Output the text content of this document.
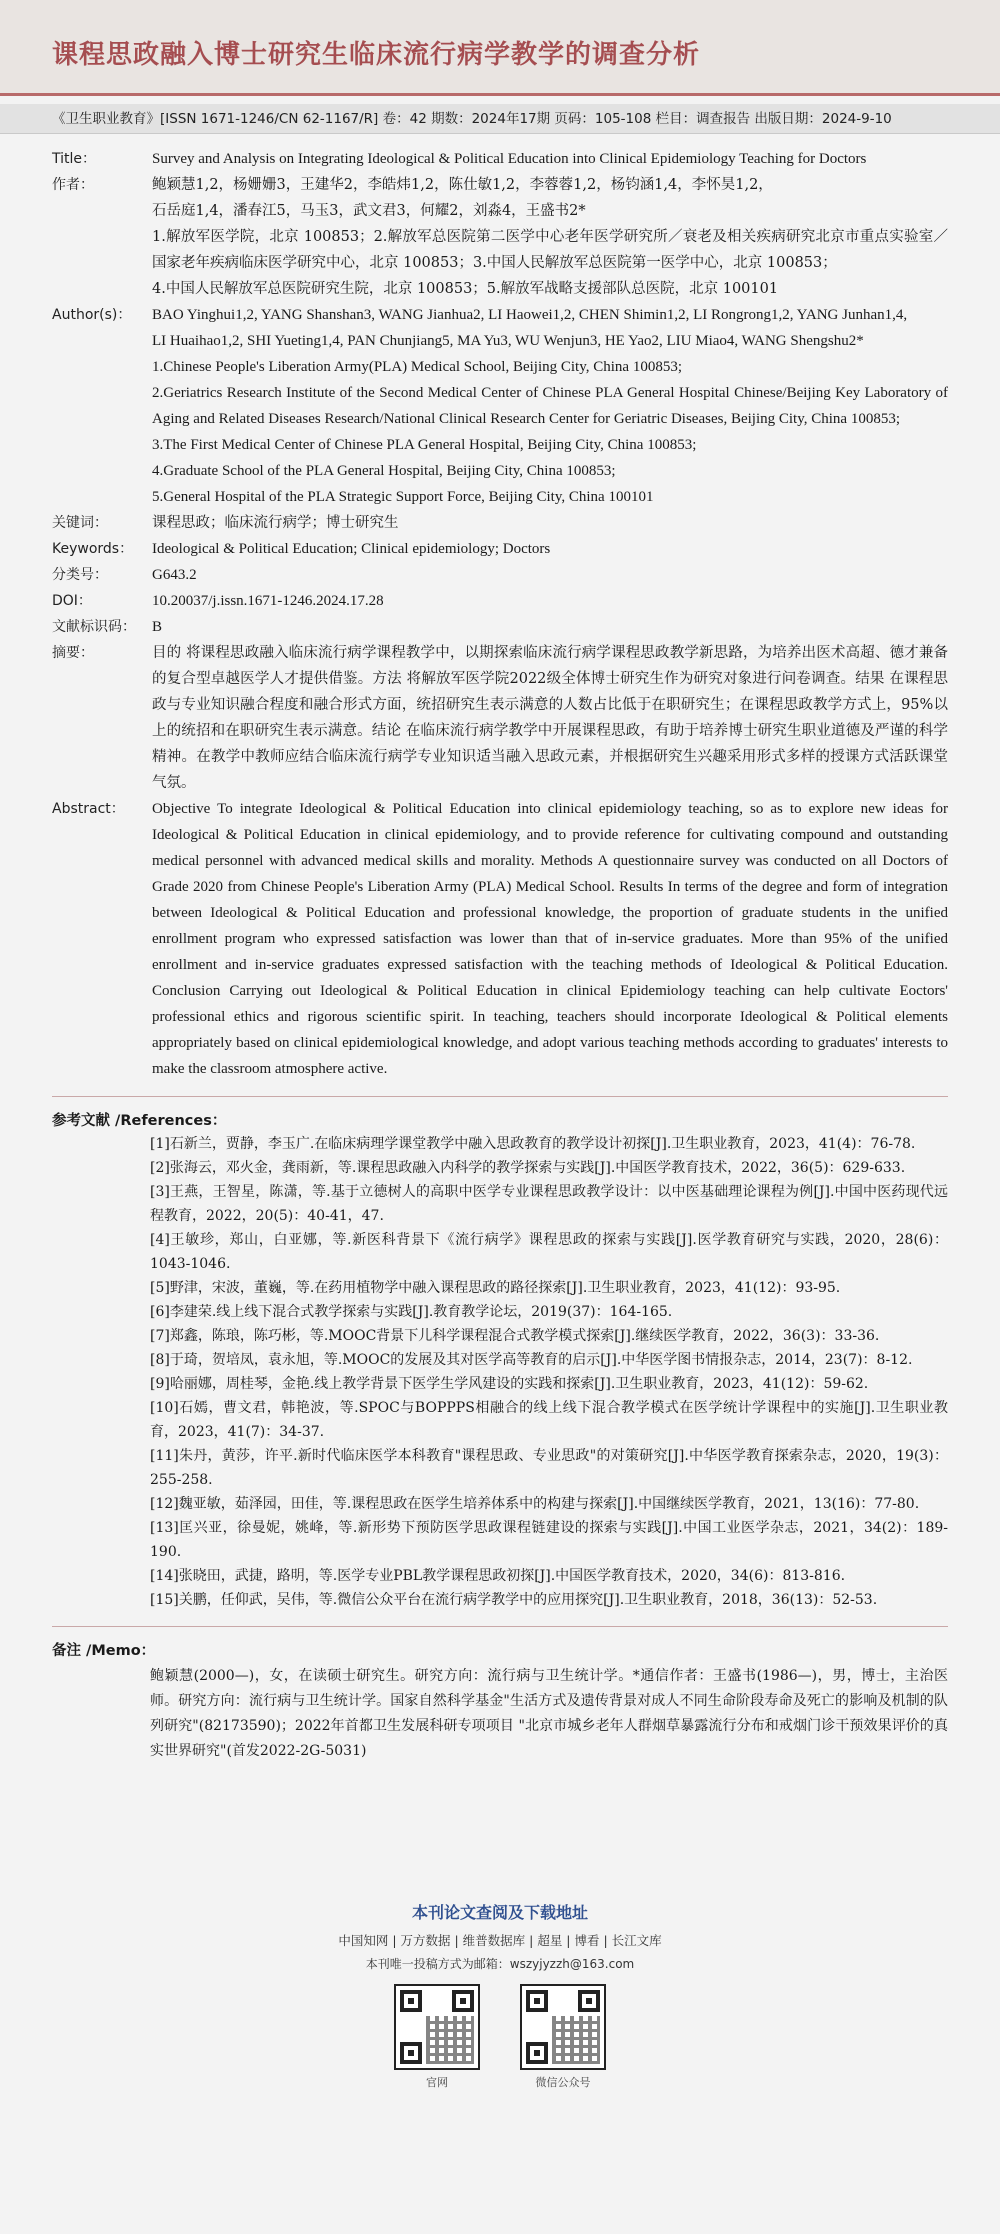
课程思政融入博士研究生临床流行病学教学的调查分析
《卫生职业教育》[ISSN 1671-1246/CN 62-1167/R] 卷：42 期数：2024年17期 页码：105-108 栏目：调查报告 出版日期：2024-9-10
Title：	Survey and Analysis on Integrating Ideological & Political Education into Clinical Epidemiology Teaching for Doctors
作者：	鲍颖慧1,2，杨姗姗3，王建华2，李皓炜1,2，陈仕敏1,2，李蓉蓉1,2，杨钧涵1,4，李怀昊1,2，

石岳庭1,4，潘春江5，马玉3，武文君3，何耀2，刘淼4，王盛书2*

1.解放军医学院，北京 100853；2.解放军总医院第二医学中心老年医学研究所／衰老及相关疾病研究北京市重点实验室／国家老年疾病临床医学研究中心，北京 100853；3.中国人民解放军总医院第一医学中心，北京 100853；

4.中国人民解放军总医院研究生院，北京 100853；5.解放军战略支援部队总医院，北京 100101

Author(s)：	BAO Yinghui1,2, YANG Shanshan3, WANG Jianhua2, LI Haowei1,2, CHEN Shimin1,2, LI Rongrong1,2, YANG Junhan1,4,

LI Huaihao1,2, SHI Yueting1,4, PAN Chunjiang5, MA Yu3, WU Wenjun3, HE Yao2, LIU Miao4, WANG Shengshu2*

1.Chinese People's Liberation Army(PLA) Medical School, Beijing City, China 100853;

2.Geriatrics Research Institute of the Second Medical Center of Chinese PLA General Hospital Chinese/Beijing Key Laboratory of Aging and Related Diseases Research/National Clinical Research Center for Geriatric Diseases, Beijing City, China 100853;

3.The First Medical Center of Chinese PLA General Hospital, Beijing City, China 100853;

4.Graduate School of the PLA General Hospital, Beijing City, China 100853;

5.General Hospital of the PLA Strategic Support Force, Beijing City, China 100101

关键词：	课程思政；临床流行病学；博士研究生
Keywords：	Ideological & Political Education; Clinical epidemiology; Doctors
分类号：	G643.2
DOI：	10.20037/j.issn.1671-1246.2024.17.28
文献标识码：	B
摘要：	目的 将课程思政融入临床流行病学课程教学中，以期探索临床流行病学课程思政教学新思路，为培养出医术高超、德才兼备的复合型卓越医学人才提供借鉴。方法 将解放军医学院2022级全体博士研究生作为研究对象进行问卷调查。结果 在课程思政与专业知识融合程度和融合形式方面，统招研究生表示满意的人数占比低于在职研究生；在课程思政教学方式上，95%以上的统招和在职研究生表示满意。结论 在临床流行病学教学中开展课程思政，有助于培养博士研究生职业道德及严谨的科学精神。在教学中教师应结合临床流行病学专业知识适当融入思政元素，并根据研究生兴趣采用形式多样的授课方式活跃课堂气氛。
Abstract：	Objective To integrate Ideological & Political Education into clinical epidemiology teaching, so as to explore new ideas for Ideological & Political Education in clinical epidemiology, and to provide reference for cultivating compound and outstanding medical personnel with advanced medical skills and morality. Methods A questionnaire survey was conducted on all Doctors of Grade 2020 from Chinese People's Liberation Army (PLA) Medical School. Results In terms of the degree and form of integration between Ideological & Political Education and professional knowledge, the proportion of graduate students in the unified enrollment program who expressed satisfaction was lower than that of in-service graduates. More than 95% of the unified enrollment and in-service graduates expressed satisfaction with the teaching methods of Ideological & Political Education. Conclusion Carrying out Ideological & Political Education in clinical Epidemiology teaching can help cultivate Eoctors' professional ethics and rigorous scientific spirit. In teaching, teachers should incorporate Ideological & Political elements appropriately based on clinical epidemiological knowledge, and adopt various teaching methods according to graduates' interests to make the classroom atmosphere active.
参考文献 /References：
[1]石新兰，贾静，李玉广.在临床病理学课堂教学中融入思政教育的教学设计初探[J].卫生职业教育，2023，41(4)：76-78.
[2]张海云，邓火金，龚雨新，等.课程思政融入内科学的教学探索与实践[J].中国医学教育技术，2022，36(5)：629-633.
[3]王燕，王智星，陈潇，等.基于立德树人的高职中医学专业课程思政教学设计：以中医基础理论课程为例[J].中国中医药现代远程教育，2022，20(5)：40-41，47.
[4]王敏珍，郑山，白亚娜，等.新医科背景下《流行病学》课程思政的探索与实践[J].医学教育研究与实践，2020，28(6)：1043-1046.
[5]野津，宋波，董巍，等.在药用植物学中融入课程思政的路径探索[J].卫生职业教育，2023，41(12)：93-95.
[6]李建荣.线上线下混合式教学探索与实践[J].教育教学论坛，2019(37)：164-165.
[7]郑鑫，陈琅，陈巧彬，等.MOOC背景下儿科学课程混合式教学模式探索[J].继续医学教育，2022，36(3)：33-36.
[8]于琦，贺培凤，袁永旭，等.MOOC的发展及其对医学高等教育的启示[J].中华医学图书情报杂志，2014，23(7)：8-12.
[9]哈丽娜，周桂琴，金艳.线上教学背景下医学生学风建设的实践和探索[J].卫生职业教育，2023，41(12)：59-62.
[10]石嫣，曹文君，韩艳波，等.SPOC与BOPPPS相融合的线上线下混合教学模式在医学统计学课程中的实施[J].卫生职业教育，2023，41(7)：34-37.
[11]朱丹，黄莎，许平.新时代临床医学本科教育"课程思政、专业思政"的对策研究[J].中华医学教育探索杂志，2020，19(3)：255-258.
[12]魏亚敏，茹泽园，田佳，等.课程思政在医学生培养体系中的构建与探索[J].中国继续医学教育，2021，13(16)：77-80.
[13]匡兴亚，徐曼妮，姚峰，等.新形势下预防医学思政课程链建设的探索与实践[J].中国工业医学杂志，2021，34(2)：189-190.
[14]张晓田，武捷，路明，等.医学专业PBL教学课程思政初探[J].中国医学教育技术，2020，34(6)：813-816.
[15]关鹏，任仰武，吴伟，等.微信公众平台在流行病学教学中的应用探究[J].卫生职业教育，2018，36(13)：52-53.
备注 /Memo：
鲍颖慧(2000—)，女，在读硕士研究生。研究方向：流行病与卫生统计学。*通信作者：王盛书(1986—)，男，博士，主治医师。研究方向：流行病与卫生统计学。国家自然科学基金"生活方式及遗传背景对成人不同生命阶段寿命及死亡的影响及机制的队列研究"(82173590)；2022年首都卫生发展科研专项项目 "北京市城乡老年人群烟草暴露流行分布和戒烟门诊干预效果评价的真实世界研究"(首发2022-2G-5031)
本刊论文查阅及下载地址
中国知网 | 万方数据 | 维普数据库 | 超星 | 博看 | 长江文库
本刊唯一投稿方式为邮箱：wszyjyzzh@163.com
官网	微信公众号
